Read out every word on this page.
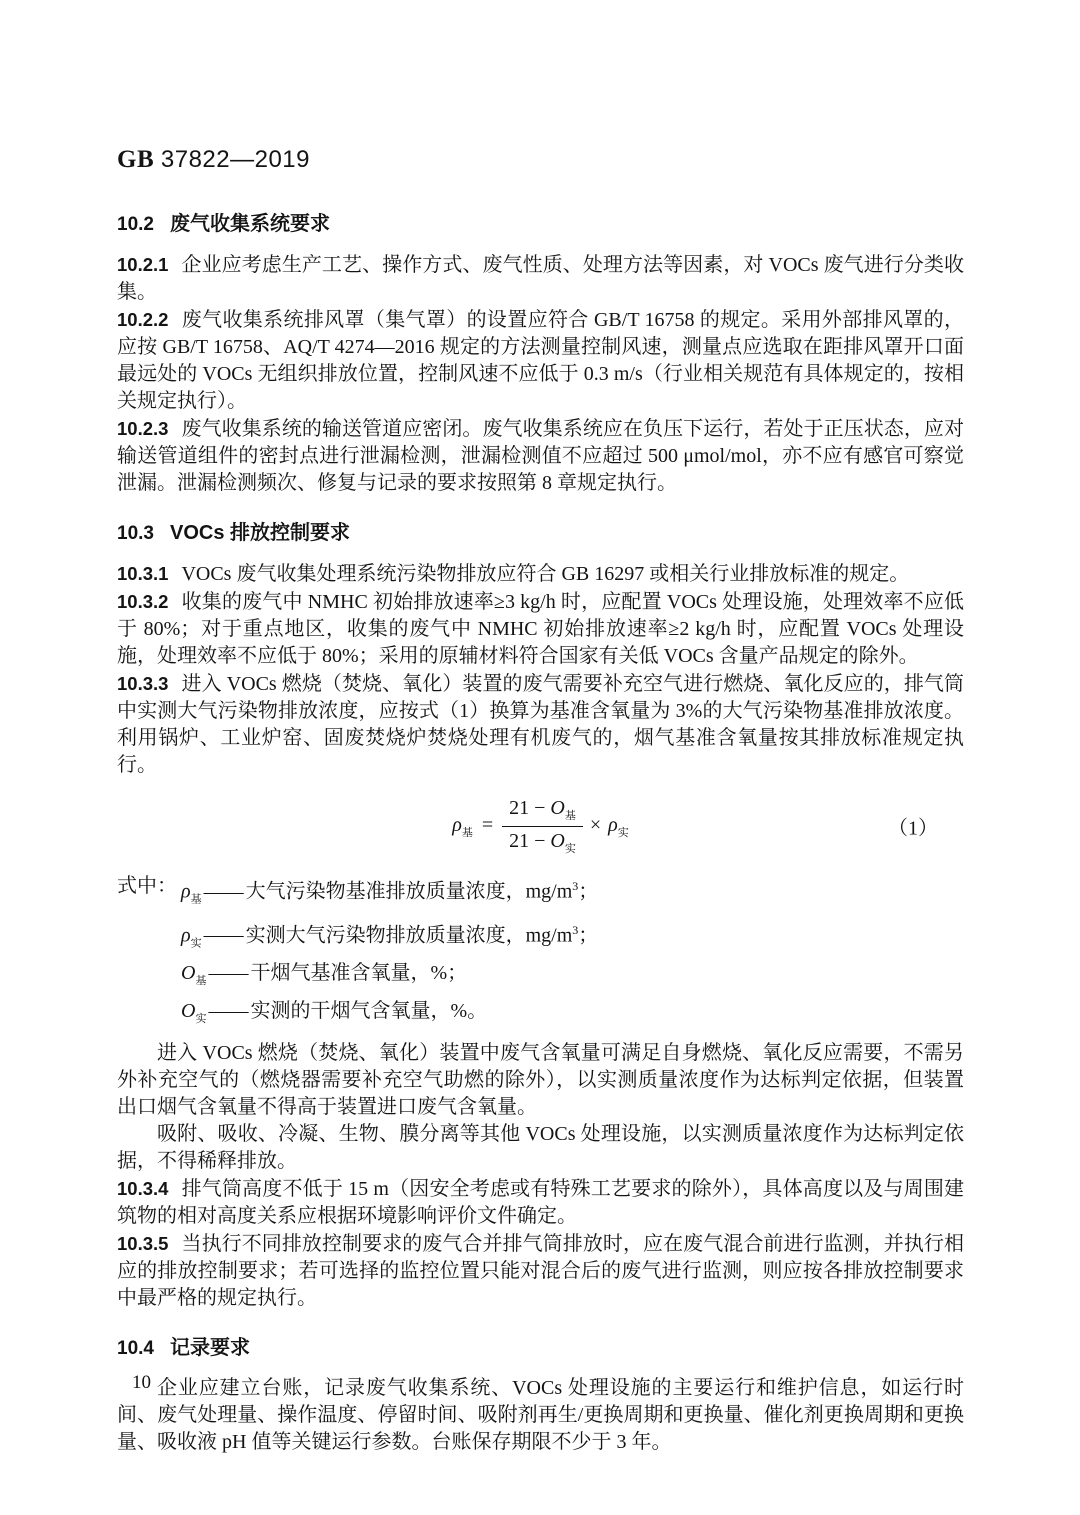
GB 37822—2019
10.2 废气收集系统要求

10.2.1 企业应考虑生产工艺、操作方式、废气性质、处理方法等因素，对 VOCs 废气进行分类收集。

10.2.2 废气收集系统排风罩（集气罩）的设置应符合 GB/T 16758 的规定。采用外部排风罩的，应按 GB/T 16758、AQ/T 4274—2016 规定的方法测量控制风速，测量点应选取在距排风罩开口面最远处的 VOCs 无组织排放位置，控制风速不应低于 0.3 m/s（行业相关规范有具体规定的，按相关规定执行）。

10.2.3 废气收集系统的输送管道应密闭。废气收集系统应在负压下运行，若处于正压状态，应对输送管道组件的密封点进行泄漏检测，泄漏检测值不应超过 500 μmol/mol，亦不应有感官可察觉泄漏。泄漏检测频次、修复与记录的要求按照第 8 章规定执行。

10.3 VOCs 排放控制要求

10.3.1 VOCs 废气收集处理系统污染物排放应符合 GB 16297 或相关行业排放标准的规定。

10.3.2 收集的废气中 NMHC 初始排放速率≥3 kg/h 时，应配置 VOCs 处理设施，处理效率不应低于 80%；对于重点地区，收集的废气中 NMHC 初始排放速率≥2 kg/h 时，应配置 VOCs 处理设施，处理效率不应低于 80%；采用的原辅材料符合国家有关低 VOCs 含量产品规定的除外。

10.3.3 进入 VOCs 燃烧（焚烧、氧化）装置的废气需要补充空气进行燃烧、氧化反应的，排气筒中实测大气污染物排放浓度，应按式（1）换算为基准含氧量为 3%的大气污染物基准排放浓度。利用锅炉、工业炉窑、固废焚烧炉焚烧处理有机废气的，烟气基准含氧量按其排放标准规定执行。

$\rho_基 = \frac{21 - O_基}{21 - O_实} \times \rho_实$	（1）
式中： $\rho_基$ —— 大气污染物基准排放质量浓度，$mg/m^3$；
$\rho_实$ —— 实测大气污染物排放质量浓度，$mg/m^3$；
$O_基$ —— 干烟气基准含氧量，%；
$O_实$ —— 实测的干烟气含氧量，%。

进入 VOCs 燃烧（焚烧、氧化）装置中废气含氧量可满足自身燃烧、氧化反应需要，不需另外补充空气的（燃烧器需要补充空气助燃的除外），以实测质量浓度作为达标判定依据，但装置出口烟气含氧量不得高于装置进口废气含氧量。

吸附、吸收、冷凝、生物、膜分离等其他 VOCs 处理设施，以实测质量浓度作为达标判定依据，不得稀释排放。

10.3.4 排气筒高度不低于 15 m（因安全考虑或有特殊工艺要求的除外），具体高度以及与周围建筑物的相对高度关系应根据环境影响评价文件确定。

10.3.5 当执行不同排放控制要求的废气合并排气筒排放时，应在废气混合前进行监测，并执行相应的排放控制要求；若可选择的监控位置只能对混合后的废气进行监测，则应按各排放控制要求中最严格的规定执行。

10.4 记录要求

企业应建立台账，记录废气收集系统、VOCs 处理设施的主要运行和维护信息，如运行时间、废气处理量、操作温度、停留时间、吸附剂再生/更换周期和更换量、催化剂更换周期和更换量、吸收液 pH 值等关键运行参数。台账保存期限不少于 3 年。

10
